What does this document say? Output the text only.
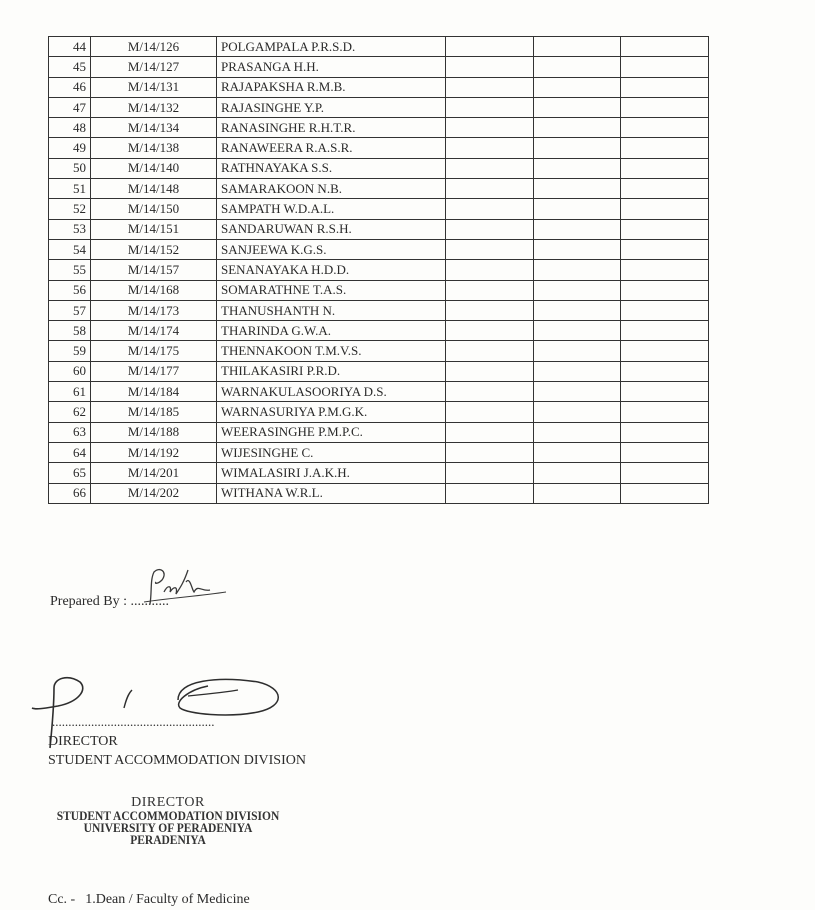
44	M/14/126	POLGAMPALA P.R.S.D.			
45	M/14/127	PRASANGA H.H.			
46	M/14/131	RAJAPAKSHA R.M.B.			
47	M/14/132	RAJASINGHE Y.P.			
48	M/14/134	RANASINGHE R.H.T.R.			
49	M/14/138	RANAWEERA R.A.S.R.			
50	M/14/140	RATHNAYAKA S.S.			
51	M/14/148	SAMARAKOON N.B.			
52	M/14/150	SAMPATH W.D.A.L.			
53	M/14/151	SANDARUWAN R.S.H.			
54	M/14/152	SANJEEWA K.G.S.			
55	M/14/157	SENANAYAKA H.D.D.			
56	M/14/168	SOMARATHNE T.A.S.			
57	M/14/173	THANUSHANTH N.			
58	M/14/174	THARINDA G.W.A.			
59	M/14/175	THENNAKOON T.M.V.S.			
60	M/14/177	THILAKASIRI P.R.D.			
61	M/14/184	WARNAKULASOORIYA D.S.			
62	M/14/185	WARNASURIYA P.M.G.K.			
63	M/14/188	WEERASINGHE P.M.P.C.			
64	M/14/192	WIJESINGHE C.			
65	M/14/201	WIMALASIRI J.A.K.H.			
66	M/14/202	WITHANA W.R.L.			
Prepared By : ...........
..................................................
DIRECTOR
STUDENT ACCOMMODATION DIVISION
DIRECTOR
STUDENT ACCOMMODATION DIVISION
UNIVERSITY OF PERADENIYA
PERADENIYA
Cc. - 1.Dean / Faculty of Medicine
